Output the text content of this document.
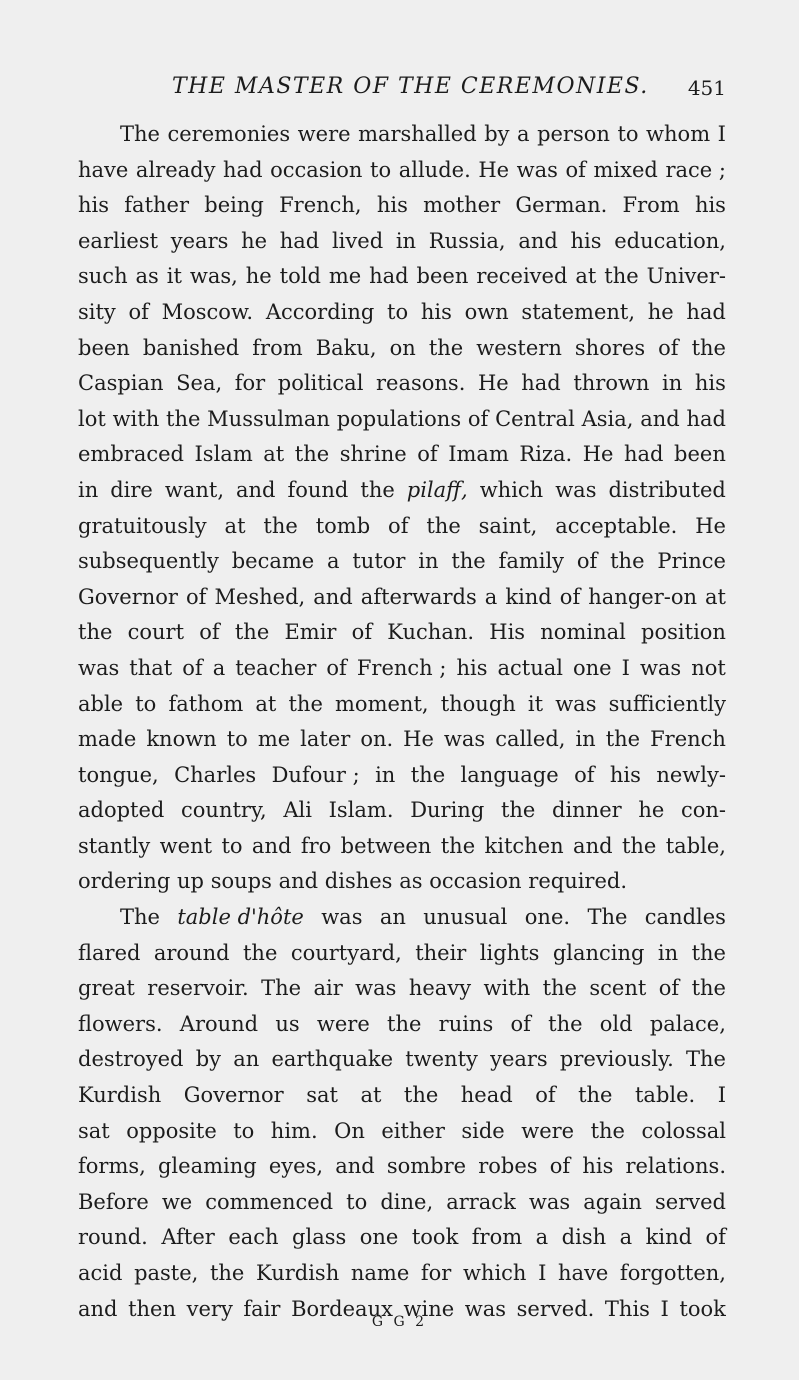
THE MASTER OF THE CEREMONIES. 451
The ceremonies were marshalled by a person to whom I
have already had occasion to allude. He was of mixed race ;
his father being French, his mother German. From his
earliest years he had lived in Russia, and his education,
such as it was, he told me had been received at the Univer-
sity of Moscow. According to his own statement, he had
been banished from Baku, on the western shores of the
Caspian Sea, for political reasons. He had thrown in his
lot with the Mussulman populations of Central Asia, and had
embraced Islam at the shrine of Imam Riza. He had been
in dire want, and found the pilaff, which was distributed
gratuitously at the tomb of the saint, acceptable. He
subsequently became a tutor in the family of the Prince
Governor of Meshed, and afterwards a kind of hanger-on at
the court of the Emir of Kuchan. His nominal position
was that of a teacher of French ; his actual one I was not
able to fathom at the moment, though it was sufficiently
made known to me later on. He was called, in the French
tongue, Charles Dufour ; in the language of his newly-
adopted country, Ali Islam. During the dinner he con-
stantly went to and fro between the kitchen and the table,
ordering up soups and dishes as occasion required.
The table d'hôte was an unusual one. The candles
flared around the courtyard, their lights glancing in the
great reservoir. The air was heavy with the scent of the
flowers. Around us were the ruins of the old palace,
destroyed by an earthquake twenty years previously. The
Kurdish Governor sat at the head of the table. I
sat opposite to him. On either side were the colossal
forms, gleaming eyes, and sombre robes of his relations.
Before we commenced to dine, arrack was again served
round. After each glass one took from a dish a kind of
acid paste, the Kurdish name for which I have forgotten,
and then very fair Bordeaux wine was served. This I took
G G 2
